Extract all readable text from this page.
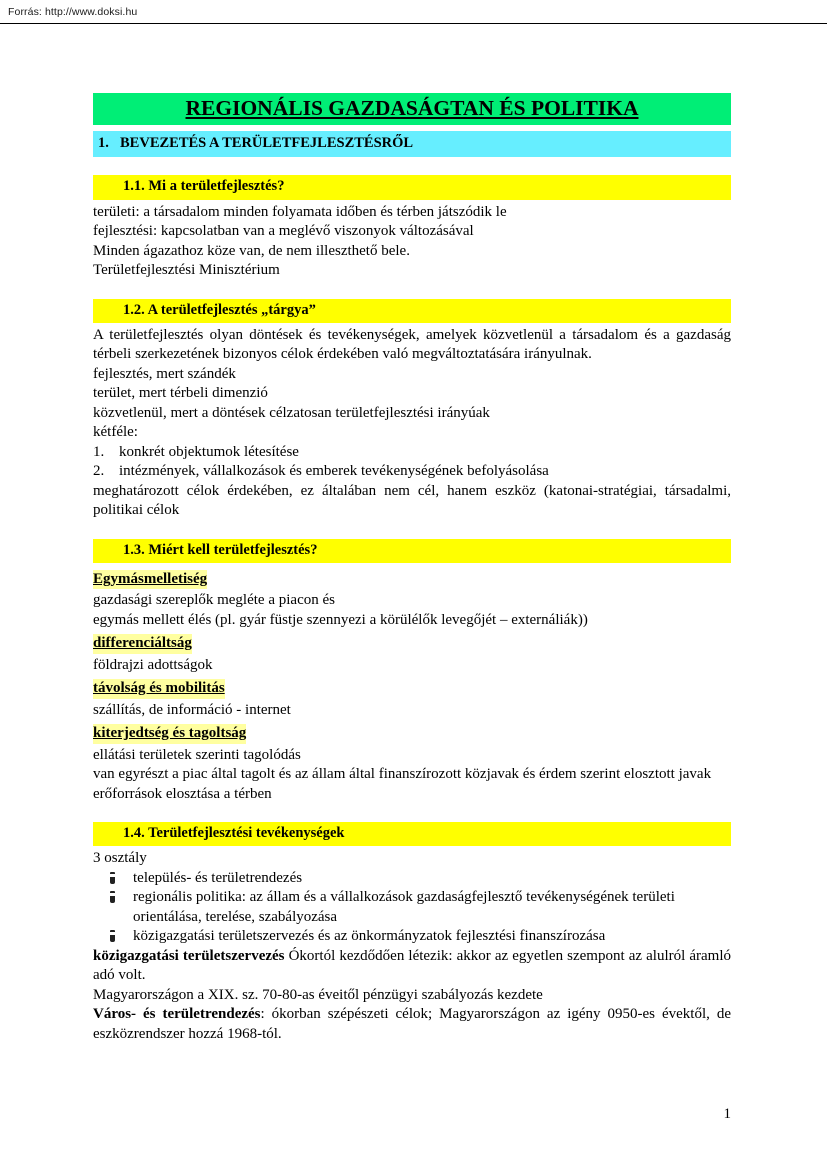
Forrás: http://www.doksi.hu
REGIONÁLIS GAZDASÁGTAN ÉS POLITIKA
1. BEVEZETÉS A TERÜLETFEJLESZTÉSRŐL
1.1. Mi a területfejlesztés?
területi: a társadalom minden folyamata időben és térben játszódik le
fejlesztési: kapcsolatban van a meglévő viszonyok változásával
Minden ágazathoz köze van, de nem illeszthető bele.
Területfejlesztési Minisztérium
1.2. A területfejlesztés „tárgya”
A területfejlesztés olyan döntések és tevékenységek, amelyek közvetlenül a társadalom és a gazdaság térbeli szerkezetének bizonyos célok érdekében való megváltoztatására irányulnak.
fejlesztés, mert szándék
terület, mert térbeli dimenzió
közvetlenül, mert a döntések célzatosan területfejlesztési irányúak
kétféle:
1. konkrét objektumok létesítése
2. intézmények, vállalkozások és emberek tevékenységének befolyásolása
meghatározott célok érdekében, ez általában nem cél, hanem eszköz (katonai-stratégiai, társadalmi, politikai célok
1.3. Miért kell területfejlesztés?
Egymásmelletiség
gazdasági szereplők megléte a piacon és
egymás mellett élés (pl. gyár füstje szennyezi a körülélők levegőjét – externáliák))
differenciáltság
földrajzi adottságok
távolság és mobilitás
szállítás, de információ - internet
kiterjedtség és tagoltság
ellátási területek szerinti tagolódás
van egyrészt a piac által tagolt és az állam által finanszírozott közjavak és érdem szerint elosztott javak
erőforrások elosztása a térben
1.4. Területfejlesztési tevékenységek
3 osztály
település- és területrendezés
regionális politika: az állam és a vállalkozások gazdaságfejlesztő tevékenységének területi orientálása, terelése, szabályozása
közigazgatási területszervezés és az önkormányzatok fejlesztési finanszírozása
közigazgatási területszervezés Ókortól kezdődően létezik: akkor az egyetlen szempont az alulról áramló adó volt.
Magyarországon a XIX. sz. 70-80-as éveitől pénzügyi szabályozás kezdete
Város- és területrendezés: ókorban szépészeti célok; Magyarországon az igény 0950-es évektől, de eszközrendszer hozzá 1968-tól.
1
